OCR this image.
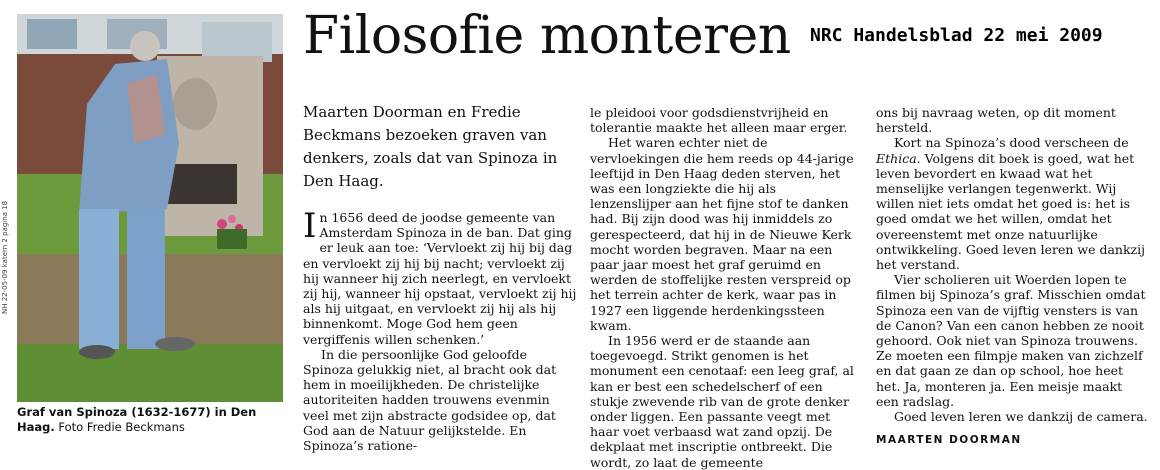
NH 22-05-09 katern 2 pagina 18
Graf van Spinoza (1632-1677) in Den Haag. Foto Fredie Beckmans
Filosofie monteren NRC Handelsblad 22 mei 2009
Maarten Doorman en Fredie Beckmans bezoeken graven van denkers, zoals dat van Spinoza in Den Haag.

In 1656 deed de joodse gemeente van Amsterdam Spinoza in de ban. Dat ging er leuk aan toe: ‘Vervloekt zij hij bij dag en vervloekt zij hij bij nacht; vervloekt zij hij wanneer hij zich neerlegt, en vervloekt zij hij, wanneer hij opstaat, vervloekt zij hij als hij uitgaat, en vervloekt zij hij als hij binnenkomt. Moge God hem geen vergiffenis willen schenken.’

In die persoonlijke God geloofde Spinoza gelukkig niet, al bracht ook dat hem in moeilijkheden. De christelijke autoriteiten hadden trouwens evenmin veel met zijn abstracte godsidee op, dat God aan de Natuur gelijkstelde. En Spinoza’s ratione-

le pleidooi voor godsdienstvrijheid en tolerantie maakte het alleen maar erger.

Het waren echter niet de vervloekingen die hem reeds op 44-jarige leeftijd in Den Haag deden sterven, het was een longziekte die hij als lenzenslijper aan het fijne stof te danken had. Bij zijn dood was hij inmiddels zo gerespecteerd, dat hij in de Nieuwe Kerk mocht worden begraven. Maar na een paar jaar moest het graf geruimd en werden de stoffelijke resten verspreid op het terrein achter de kerk, waar pas in 1927 een liggende herdenkingssteen kwam.

In 1956 werd er de staande aan toegevoegd. Strikt genomen is het monument een cenotaaf: een leeg graf, al kan er best een schedelscherf of een stukje zwevende rib van de grote denker onder liggen. Een passante veegt met haar voet verbaasd wat zand opzij. De dekplaat met inscriptie ontbreekt. Die wordt, zo laat de gemeente

ons bij navraag weten, op dit moment hersteld.

Kort na Spinoza’s dood verscheen de Ethica. Volgens dit boek is goed, wat het leven bevordert en kwaad wat het menselijke verlangen tegenwerkt. Wij willen niet iets omdat het goed is: het is goed omdat we het willen, omdat het overeenstemt met onze natuurlijke ontwikkeling. Goed leven leren we dankzij het verstand.

Vier scholieren uit Woerden lopen te filmen bij Spinoza’s graf. Misschien omdat Spinoza een van de vijftig vensters is van de Canon? Van een canon hebben ze nooit gehoord. Ook niet van Spinoza trouwens. Ze moeten een filmpje maken van zichzelf en dat gaan ze dan op school, hoe heet het. Ja, monteren ja. Een meisje maakt een radslag.

Goed leven leren we dankzij de camera.

MAARTEN DOORMAN
